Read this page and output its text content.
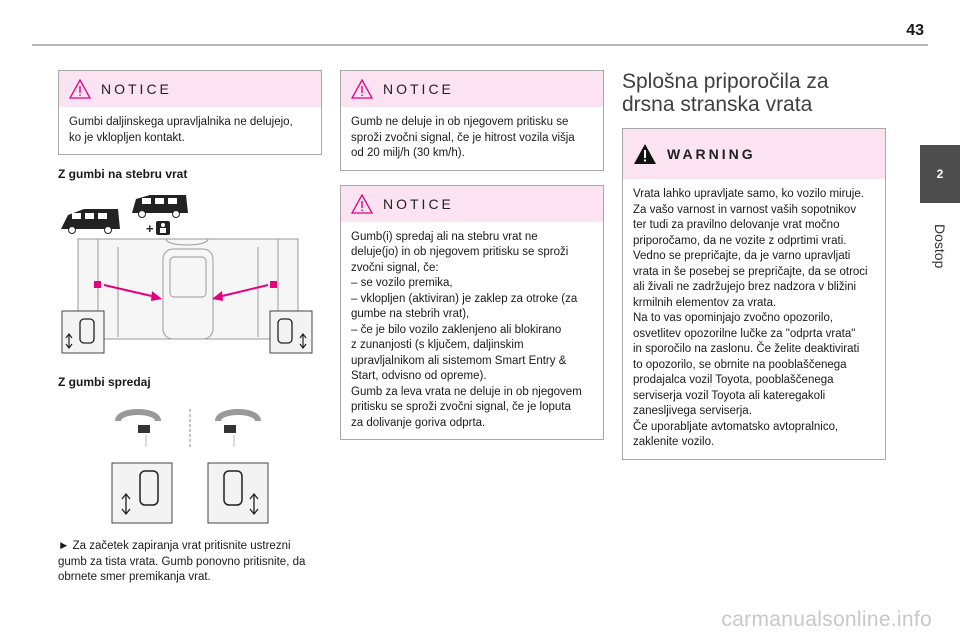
43
NOTICE
Gumbi daljinskega upravljalnika ne delujejo,
ko je vklopljen kontakt.
Z gumbi na stebru vrat
+
Z gumbi spredaj
► Za začetek zapiranja vrat pritisnite ustrezni
gumb za tista vrata. Gumb ponovno pritisnite, da
obrnete smer premikanja vrat.
NOTICE
Gumb ne deluje in ob njegovem pritisku se
sproži zvočni signal, če je hitrost vozila višja
od 20 milj/h (30 km/h).
NOTICE
Gumb(i) spredaj ali na stebru vrat ne
deluje(jo) in ob njegovem pritisku se sproži
zvočni signal, če:
– se vozilo premika,
– vklopljen (aktiviran) je zaklep za otroke (za
gumbe na stebrih vrat),
– če je bilo vozilo zaklenjeno ali blokirano
z zunanjosti (s ključem, daljinskim
upravljalnikom ali sistemom Smart Entry &
Start, odvisno od opreme).
Gumb za leva vrata ne deluje in ob njegovem
pritisku se sproži zvočni signal, če je loputa
za dolivanje goriva odprta.
Splošna priporočila za
drsna stranska vrata
WARNING
Vrata lahko upravljate samo, ko vozilo miruje.
Za vašo varnost in varnost vaših sopotnikov
ter tudi za pravilno delovanje vrat močno
priporočamo, da ne vozite z odprtimi vrati.
Vedno se prepričajte, da je varno upravljati
vrata in še posebej se prepričajte, da se otroci
ali živali ne zadržujejo brez nadzora v bližini
krmilnih elementov za vrata.
Na to vas opominjajo zvočno opozorilo,
osvetlitev opozorilne lučke za "odprta vrata"
in sporočilo na zaslonu. Če želite deaktivirati
to opozorilo, se obrnite na pooblaščenega
prodajalca vozil Toyota, pooblaščenega
serviserja vozil Toyota ali kateregakoli
zanesljivega serviserja.
Če uporabljate avtomatsko avtopralnico,
zaklenite vozilo.
2
Dostop
carmanualsonline.info
